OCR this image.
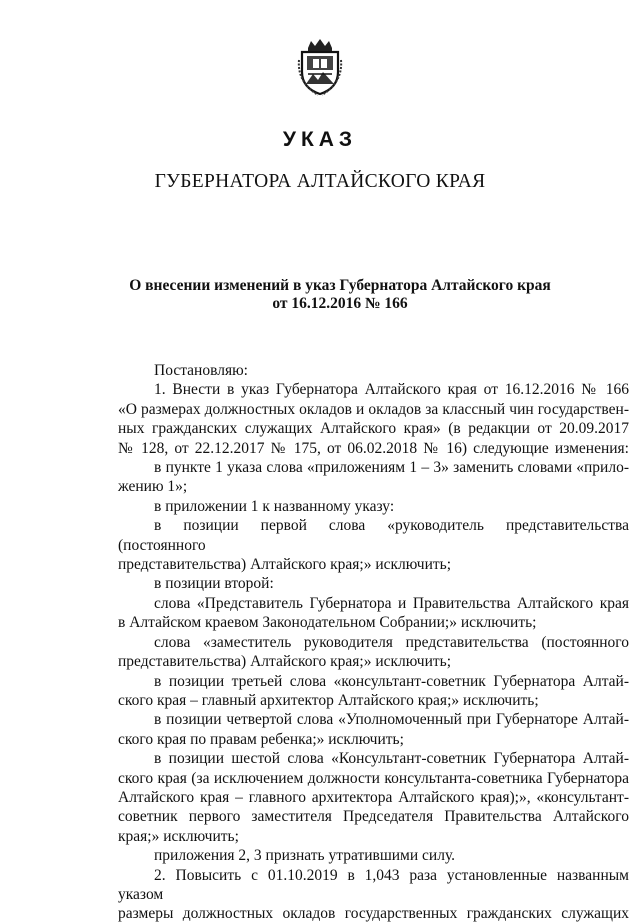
УКАЗ
ГУБЕРНАТОРА АЛТАЙСКОГО КРАЯ
О внесении изменений в указ Губернатора Алтайского края
от 16.12.2016 № 166
Постановляю:
1. Внести в указ Губернатора Алтайского края от 16.12.2016 № 166
«О размерах должностных окладов и окладов за классный чин государствен-
ных гражданских служащих Алтайского края» (в редакции от 20.09.2017
№ 128, от 22.12.2017 № 175, от 06.02.2018 № 16) следующие изменения:
в пункте 1 указа слова «приложениям 1 – 3» заменить словами «прило-
жению 1»;
в приложении 1 к названному указу:
в позиции первой слова «руководитель представительства (постоянного
представительства) Алтайского края;» исключить;
в позиции второй:
слова «Представитель Губернатора и Правительства Алтайского края
в Алтайском краевом Законодательном Собрании;» исключить;
слова «заместитель руководителя представительства (постоянного
представительства) Алтайского края;» исключить;
в позиции третьей слова «консультант-советник Губернатора Алтай-
ского края – главный архитектор Алтайского края;» исключить;
в позиции четвертой слова «Уполномоченный при Губернаторе Алтай-
ского края по правам ребенка;» исключить;
в позиции шестой слова «Консультант-советник Губернатора Алтай-
ского края (за исключением должности консультанта-советника Губернатора
Алтайского края – главного архитектора Алтайского края);», «консультант-
советник первого заместителя Председателя Правительства Алтайского
края;» исключить;
приложения 2, 3 признать утратившими силу.
2. Повысить с 01.10.2019 в 1,043 раза установленные названным указом
размеры должностных окладов государственных гражданских служащих
